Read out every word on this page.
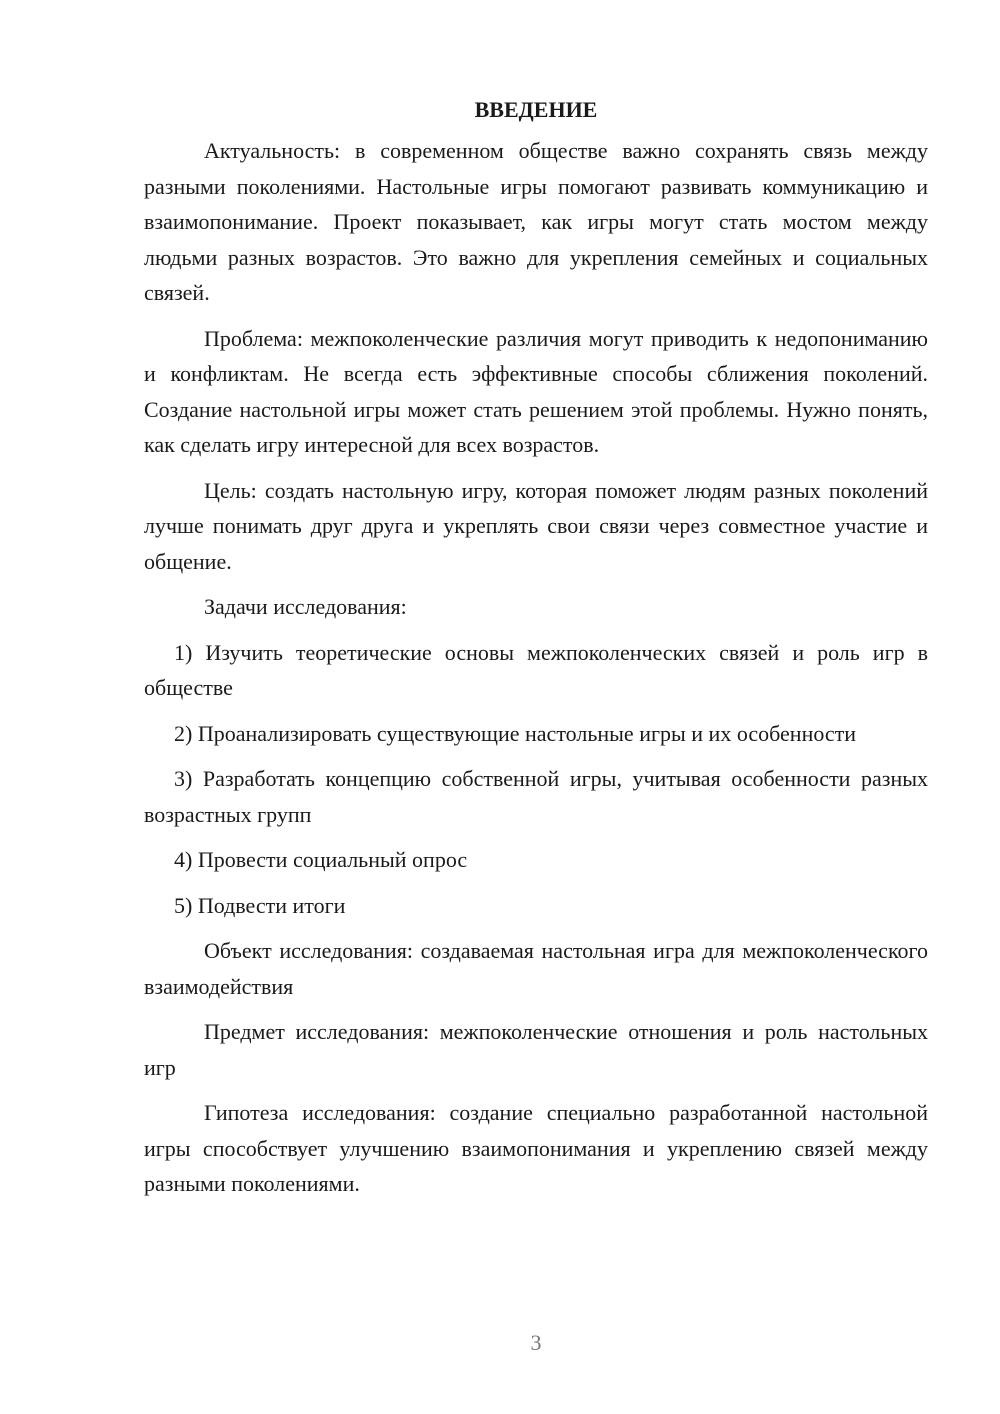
ВВЕДЕНИЕ

Актуальность: в современном обществе важно сохранять связь между разными поколениями. Настольные игры помогают развивать коммуникацию и взаимопонимание. Проект показывает, как игры могут стать мостом между людьми разных возрастов. Это важно для укрепления семейных и социальных связей.

Проблема: межпоколенческие различия могут приводить к недопониманию и конфликтам. Не всегда есть эффективные способы сближения поколений. Создание настольной игры может стать решением этой проблемы. Нужно понять, как сделать игру интересной для всех возрастов.

Цель: создать настольную игру, которая поможет людям разных поколений лучше понимать друг друга и укреплять свои связи через совместное участие и общение.

Задачи исследования:

1) Изучить теоретические основы межпоколенческих связей и роль игр в обществе

2) Проанализировать существующие настольные игры и их особенности

3) Разработать концепцию собственной игры, учитывая особенности разных возрастных групп

4) Провести социальный опрос

5) Подвести итоги

Объект исследования: создаваемая настольная игра для межпоколенческого взаимодействия

Предмет исследования: межпоколенческие отношения и роль настольных игр

Гипотеза исследования: создание специально разработанной настольной игры способствует улучшению взаимопонимания и укреплению связей между разными поколениями.

3
